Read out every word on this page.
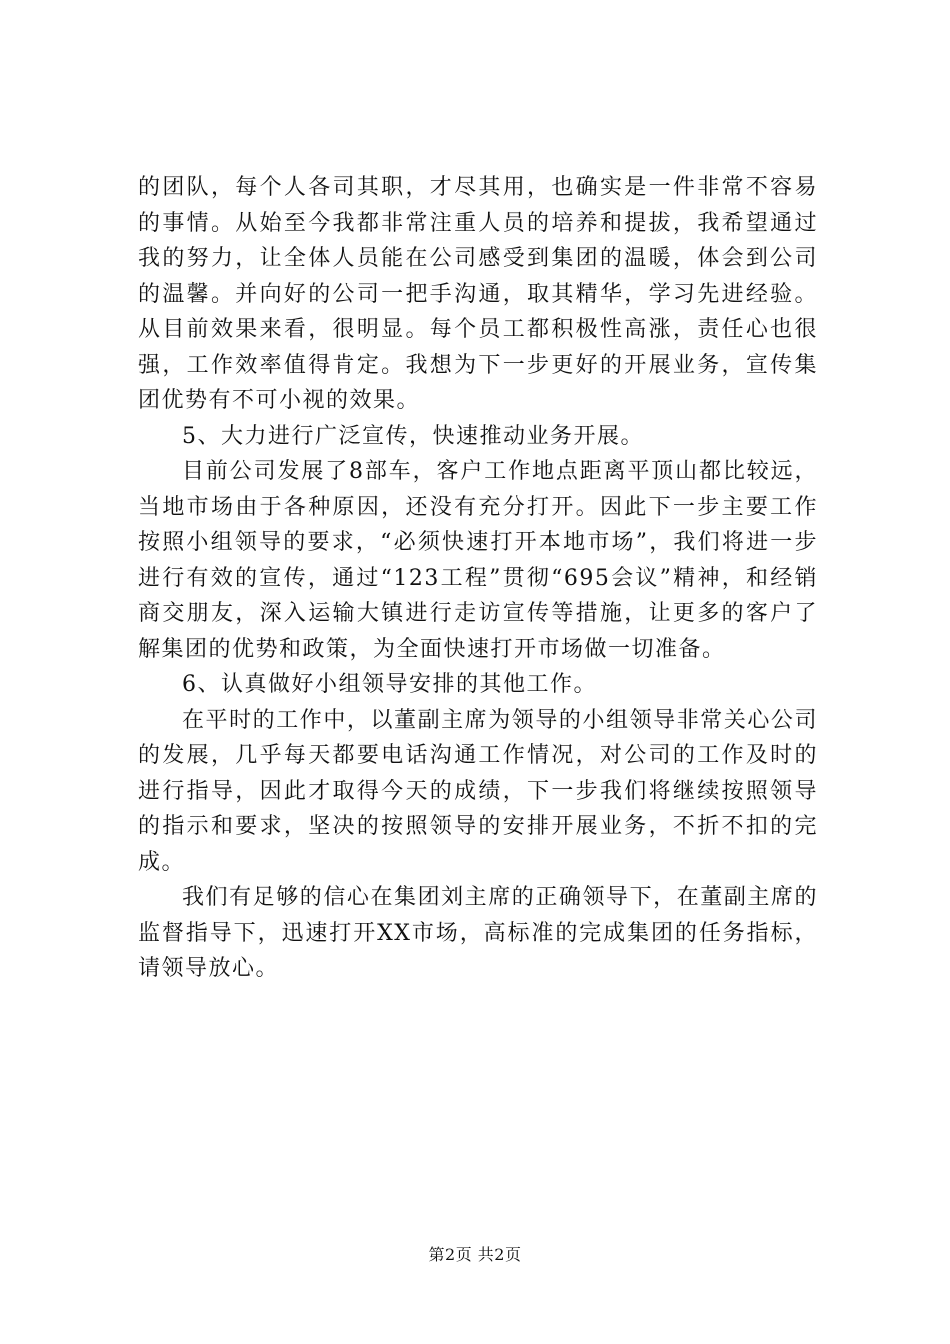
的团队，每个人各司其职，才尽其用，也确实是一件非常不容易的事情。从始至今我都非常注重人员的培养和提拔，我希望通过我的努力，让全体人员能在公司感受到集团的温暖，体会到公司的温馨。并向好的公司一把手沟通，取其精华，学习先进经验。从目前效果来看，很明显。每个员工都积极性高涨，责任心也很强，工作效率值得肯定。我想为下一步更好的开展业务，宣传集团优势有不可小视的效果。

5、大力进行广泛宣传，快速推动业务开展。

目前公司发展了8部车，客户工作地点距离平顶山都比较远，当地市场由于各种原因，还没有充分打开。因此下一步主要工作按照小组领导的要求，“必须快速打开本地市场”，我们将进一步进行有效的宣传，通过“123工程”贯彻“695会议”精神，和经销商交朋友，深入运输大镇进行走访宣传等措施，让更多的客户了解集团的优势和政策，为全面快速打开市场做一切准备。

6、认真做好小组领导安排的其他工作。

在平时的工作中，以董副主席为领导的小组领导非常关心公司的发展，几乎每天都要电话沟通工作情况，对公司的工作及时的进行指导，因此才取得今天的成绩，下一步我们将继续按照领导的指示和要求，坚决的按照领导的安排开展业务，不折不扣的完成。

我们有足够的信心在集团刘主席的正确领导下，在董副主席的监督指导下，迅速打开XX市场，高标准的完成集团的任务指标，请领导放心。

第2页 共2页
